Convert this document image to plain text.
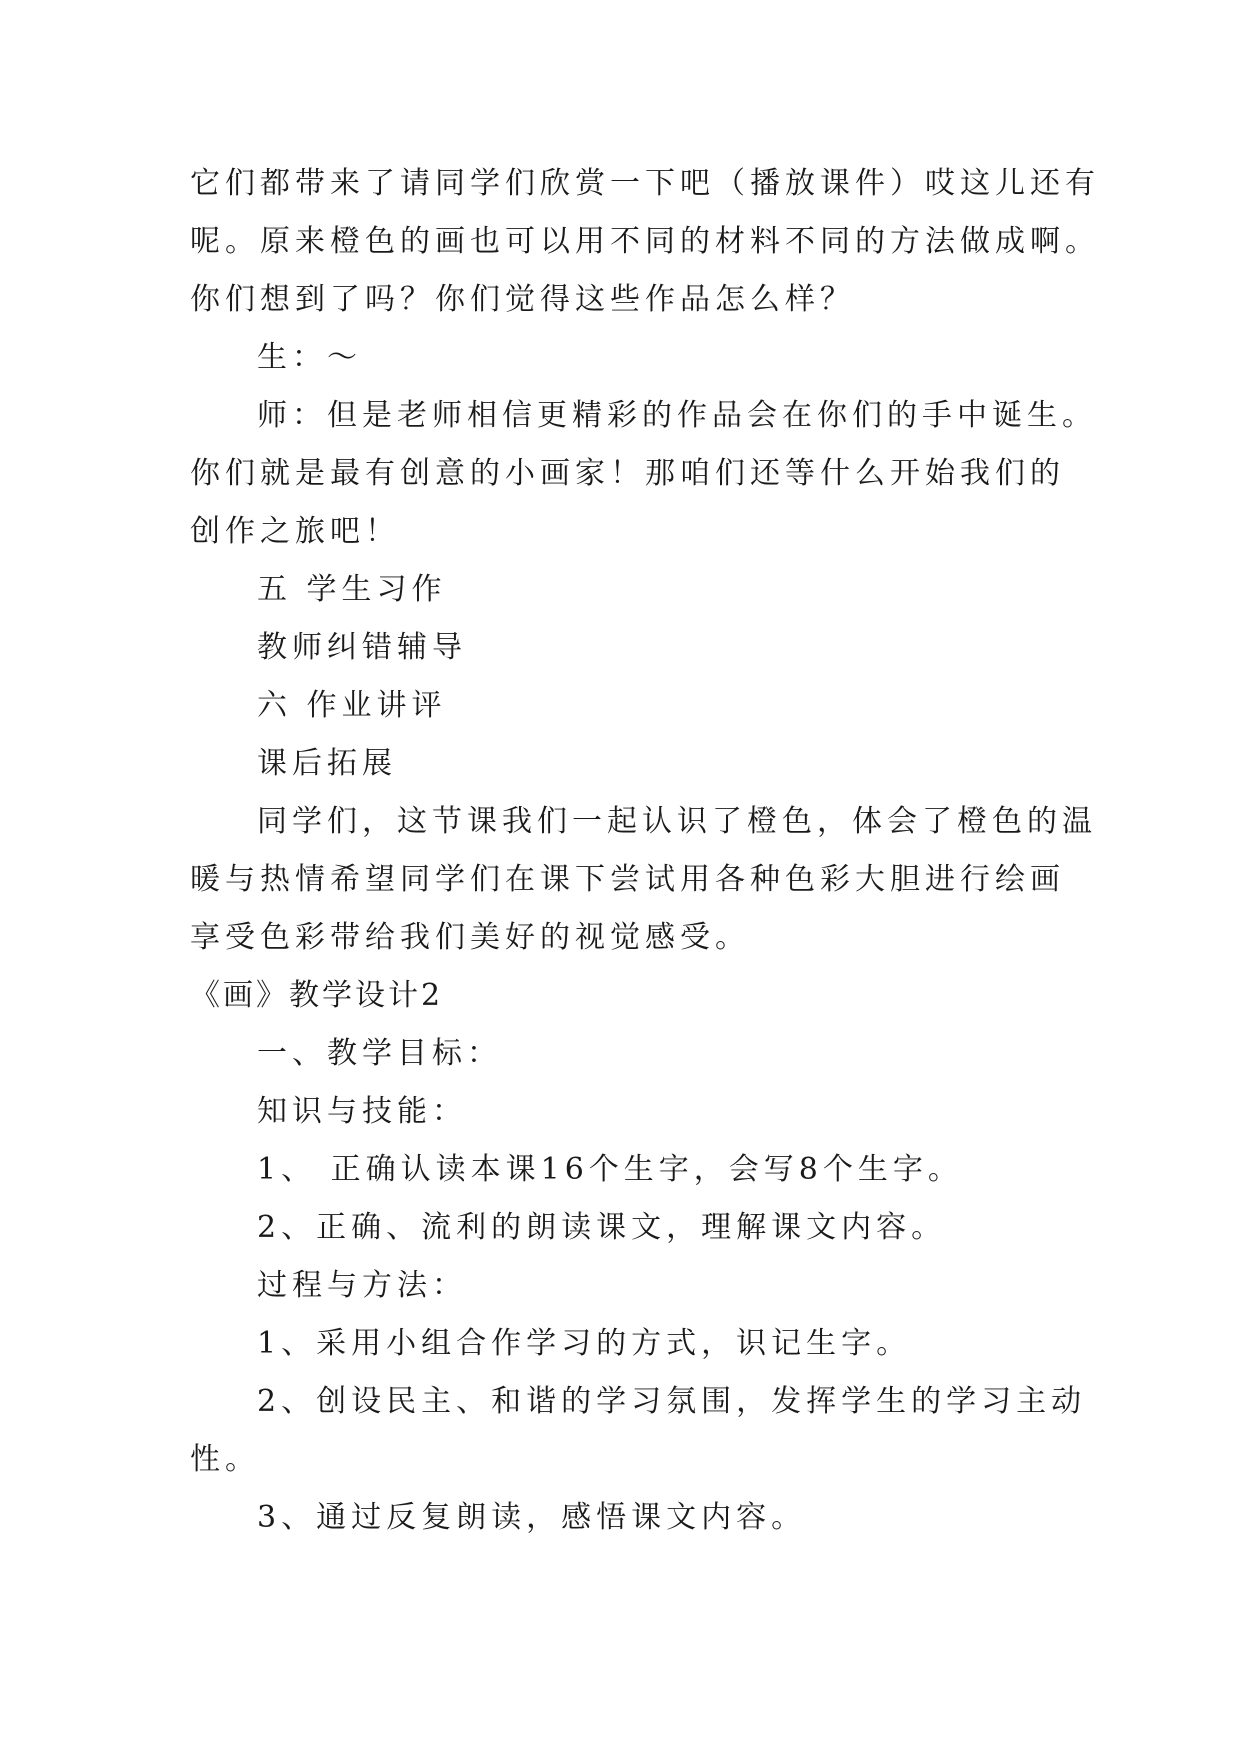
它们都带来了请同学们欣赏一下吧（播放课件）哎这儿还有
呢。原来橙色的画也可以用不同的材料不同的方法做成啊。
你们想到了吗？你们觉得这些作品怎么样？
生：～
师：但是老师相信更精彩的作品会在你们的手中诞生。
你们就是最有创意的小画家！那咱们还等什么开始我们的
创作之旅吧！
五 学生习作
教师纠错辅导
六 作业讲评
课后拓展
同学们，这节课我们一起认识了橙色，体会了橙色的温
暖与热情希望同学们在课下尝试用各种色彩大胆进行绘画
享受色彩带给我们美好的视觉感受。
《画》教学设计2
一、教学目标：
知识与技能：
1、 正确认读本课16个生字，会写8个生字。
2、正确、流利的朗读课文，理解课文内容。
过程与方法：
1、采用小组合作学习的方式，识记生字。
2、创设民主、和谐的学习氛围，发挥学生的学习主动
性。
3、通过反复朗读，感悟课文内容。
